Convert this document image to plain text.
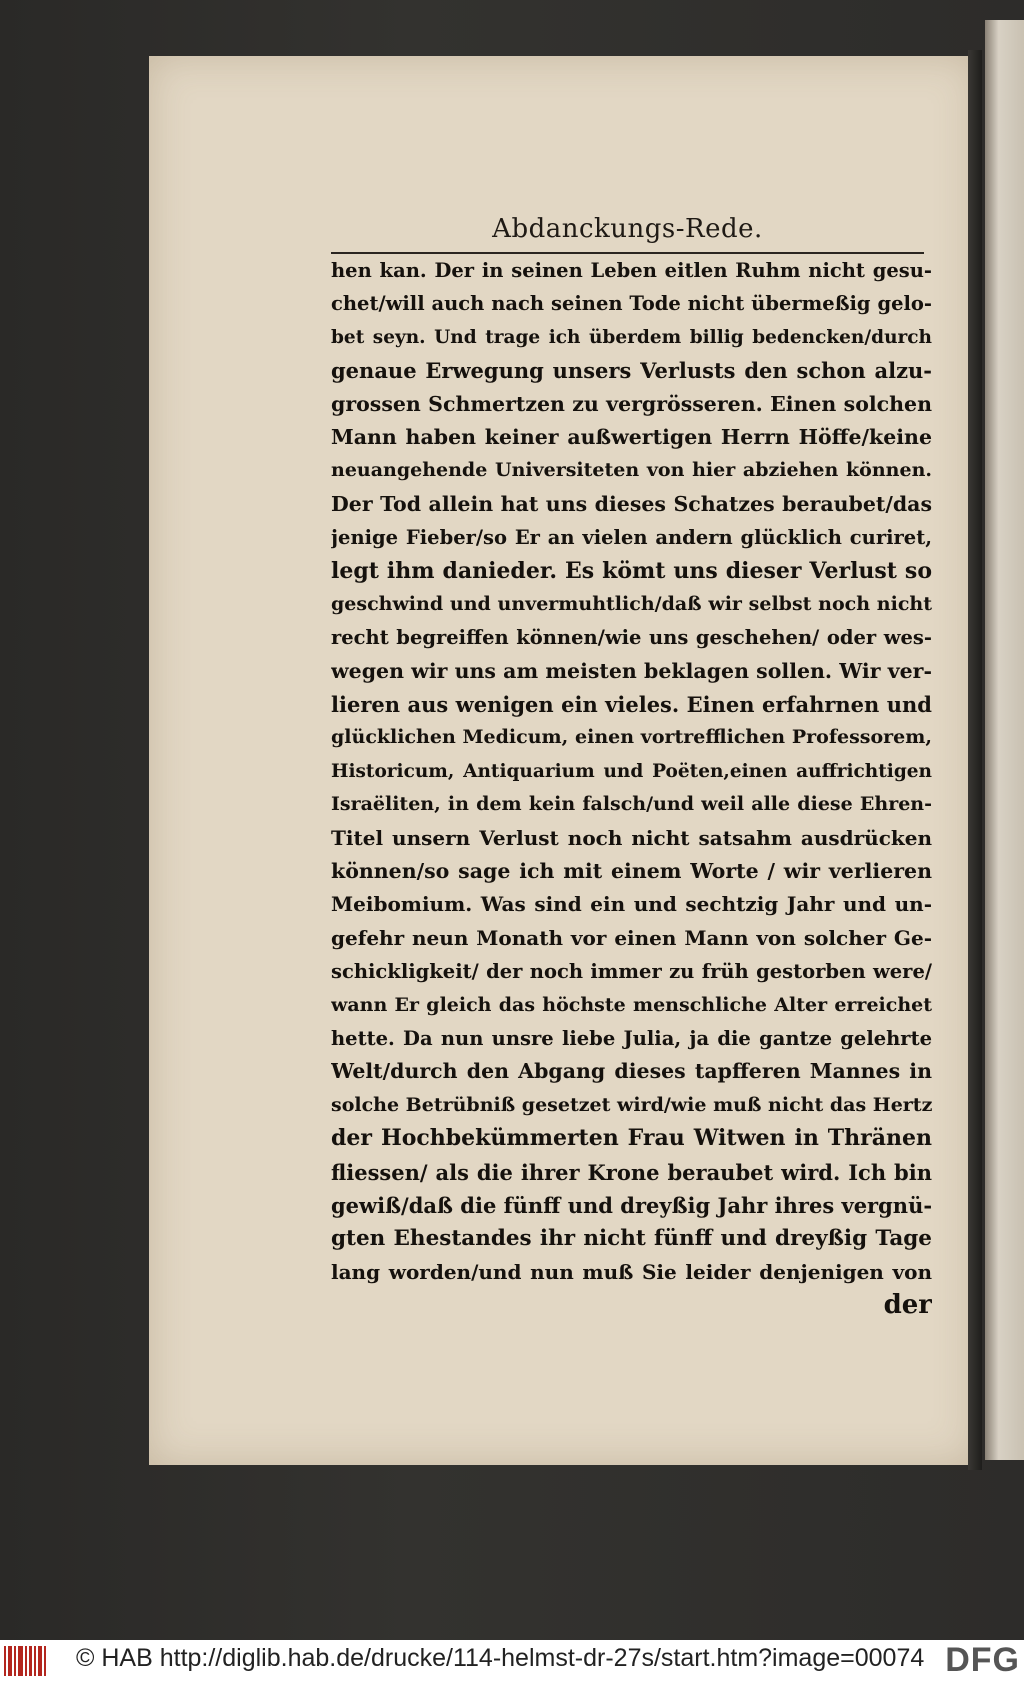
Abdanckungs-Rede.
hen kan. Der in seinen Leben eitlen Ruhm nicht gesu-
chet/will auch nach seinen Tode nicht übermeßig gelo-
bet seyn. Und trage ich überdem billig bedencken/durch
genaue Erwegung unsers Verlusts den schon alzu-
grossen Schmertzen zu vergrösseren. Einen solchen
Mann haben keiner außwertigen Herrn Höffe/keine
neuangehende Universiteten von hier abziehen können.
Der Tod allein hat uns dieses Schatzes beraubet/das
jenige Fieber/so Er an vielen andern glücklich curiret,
legt ihm danieder. Es kömt uns dieser Verlust so
geschwind und unvermuhtlich/daß wir selbst noch nicht
recht begreiffen können/wie uns geschehen/ oder wes-
wegen wir uns am meisten beklagen sollen. Wir ver-
lieren aus wenigen ein vieles. Einen erfahrnen und
glücklichen Medicum, einen vortrefflichen Professorem,
Historicum, Antiquarium und Poëten,einen auffrichtigen
Israëliten, in dem kein falsch/und weil alle diese Ehren-
Titel unsern Verlust noch nicht satsahm ausdrücken
können/so sage ich mit einem Worte / wir verlieren
Meibomium. Was sind ein und sechtzig Jahr und un-
gefehr neun Monath vor einen Mann von solcher Ge-
schickligkeit/ der noch immer zu früh gestorben were/
wann Er gleich das höchste menschliche Alter erreichet
hette. Da nun unsre liebe Julia, ja die gantze gelehrte
Welt/durch den Abgang dieses tapfferen Mannes in
solche Betrübniß gesetzet wird/wie muß nicht das Hertz
der Hochbekümmerten Frau Witwen in Thränen
fliessen/ als die ihrer Krone beraubet wird. Ich bin
gewiß/daß die fünff und dreyßig Jahr ihres vergnü-
gten Ehestandes ihr nicht fünff und dreyßig Tage
lang worden/und nun muß Sie leider denjenigen von
der
© HAB http://diglib.hab.de/drucke/114-helmst-dr-27s/start.htm?image=00074 DFG
